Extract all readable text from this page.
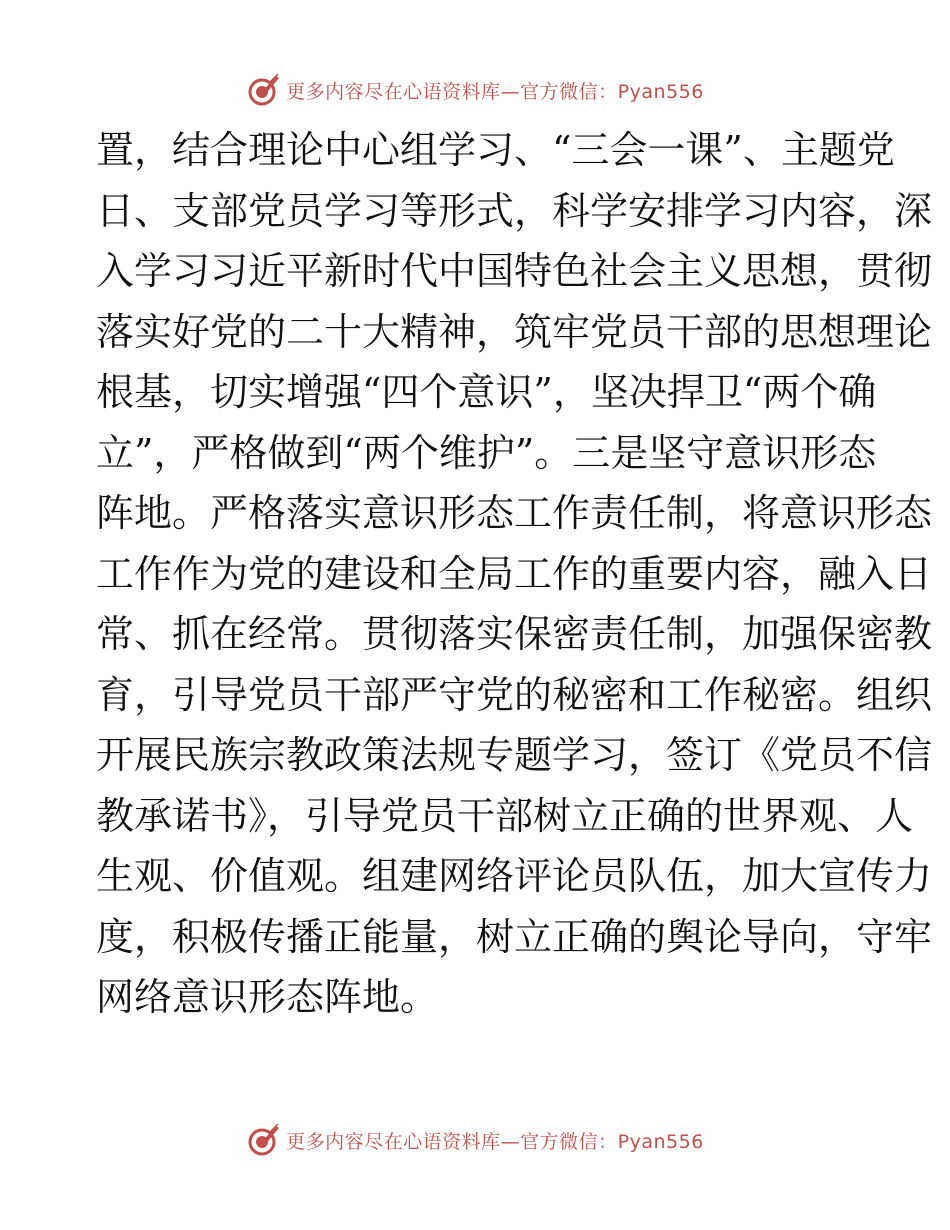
更多内容尽在心语资料库—官方微信：Pyan556
置，结合理论中心组学习、“三会一课”、主题党
日、支部党员学习等形式，科学安排学习内容，深
入学习习近平新时代中国特色社会主义思想，贯彻
落实好党的二十大精神，筑牢党员干部的思想理论
根基，切实增强“四个意识”，坚决捍卫“两个确
立”，严格做到“两个维护”。三是坚守意识形态
阵地。严格落实意识形态工作责任制，将意识形态
工作作为党的建设和全局工作的重要内容，融入日
常、抓在经常。贯彻落实保密责任制，加强保密教
育，引导党员干部严守党的秘密和工作秘密。组织
开展民族宗教政策法规专题学习，签订《党员不信
教承诺书》，引导党员干部树立正确的世界观、人
生观、价值观。组建网络评论员队伍，加大宣传力
度，积极传播正能量，树立正确的舆论导向，守牢
网络意识形态阵地。
更多内容尽在心语资料库—官方微信：Pyan556
